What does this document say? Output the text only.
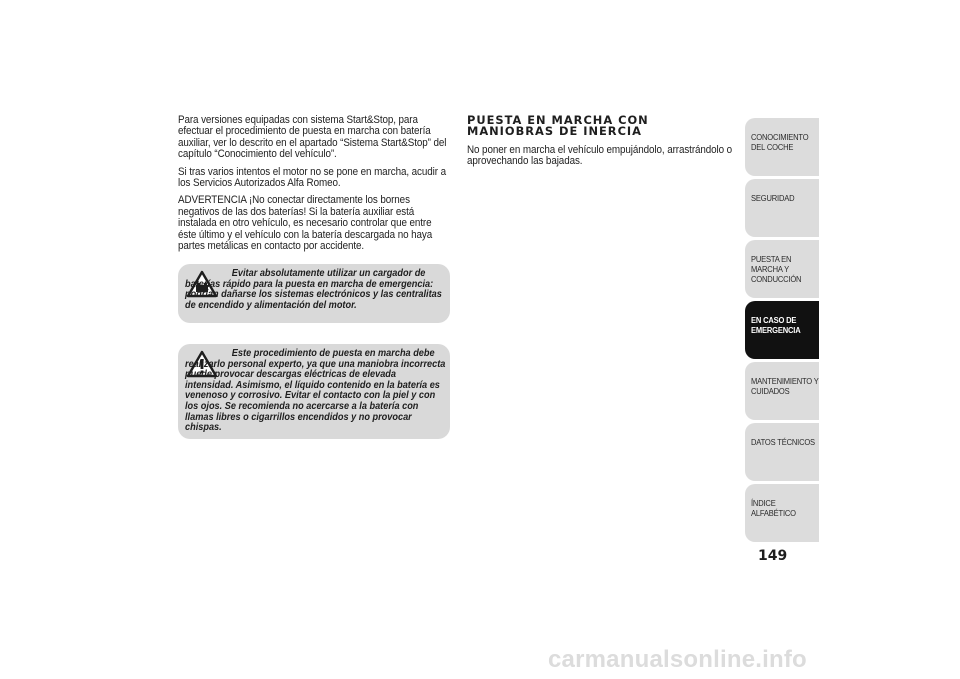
Para versiones equipadas con sistema Start&Stop, para efectuar el procedimiento de puesta en marcha con batería auxiliar, ver lo descrito en el apartado “Sistema Start&Stop” del capítulo “Conocimiento del vehículo”.

Si tras varios intentos el motor no se pone en marcha, acudir a los Servicios Autorizados Alfa Romeo.

ADVERTENCIA ¡No conectar directamente los bornes negativos de las dos baterías! Si la batería auxiliar está instalada en otro vehículo, es necesario controlar que entre éste último y el vehículo con la batería descargada no haya partes metálicas en contacto por accidente.

Evitar absolutamente utilizar un cargador de baterías rápido para la puesta en marcha de emergencia: podrían dañarse los sistemas electrónicos y las centralitas de encendido y alimentación del motor.
Este procedimiento de puesta en marcha debe realizarlo personal experto, ya que una maniobra incorrecta puede provocar descargas eléctricas de elevada intensidad. Asimismo, el líquido contenido en la batería es venenoso y corrosivo. Evitar el contacto con la piel y con los ojos. Se recomienda no acercarse a la batería con llamas libres o cigarrillos encendidos y no provocar chispas.
PUESTA EN MARCHA CON MANIOBRAS DE INERCIA

No poner en marcha el vehículo empujándolo, arrastrándolo o aprovechando las bajadas.

CONOCIMIENTO DEL COCHE
SEGURIDAD
PUESTA EN MARCHA Y CONDUCCIÓN
EN CASO DE EMERGENCIA
MANTENIMIENTO Y CUIDADOS
DATOS TÉCNICOS
ÍNDICE ALFABÉTICO
149
carmanualsonline.info
